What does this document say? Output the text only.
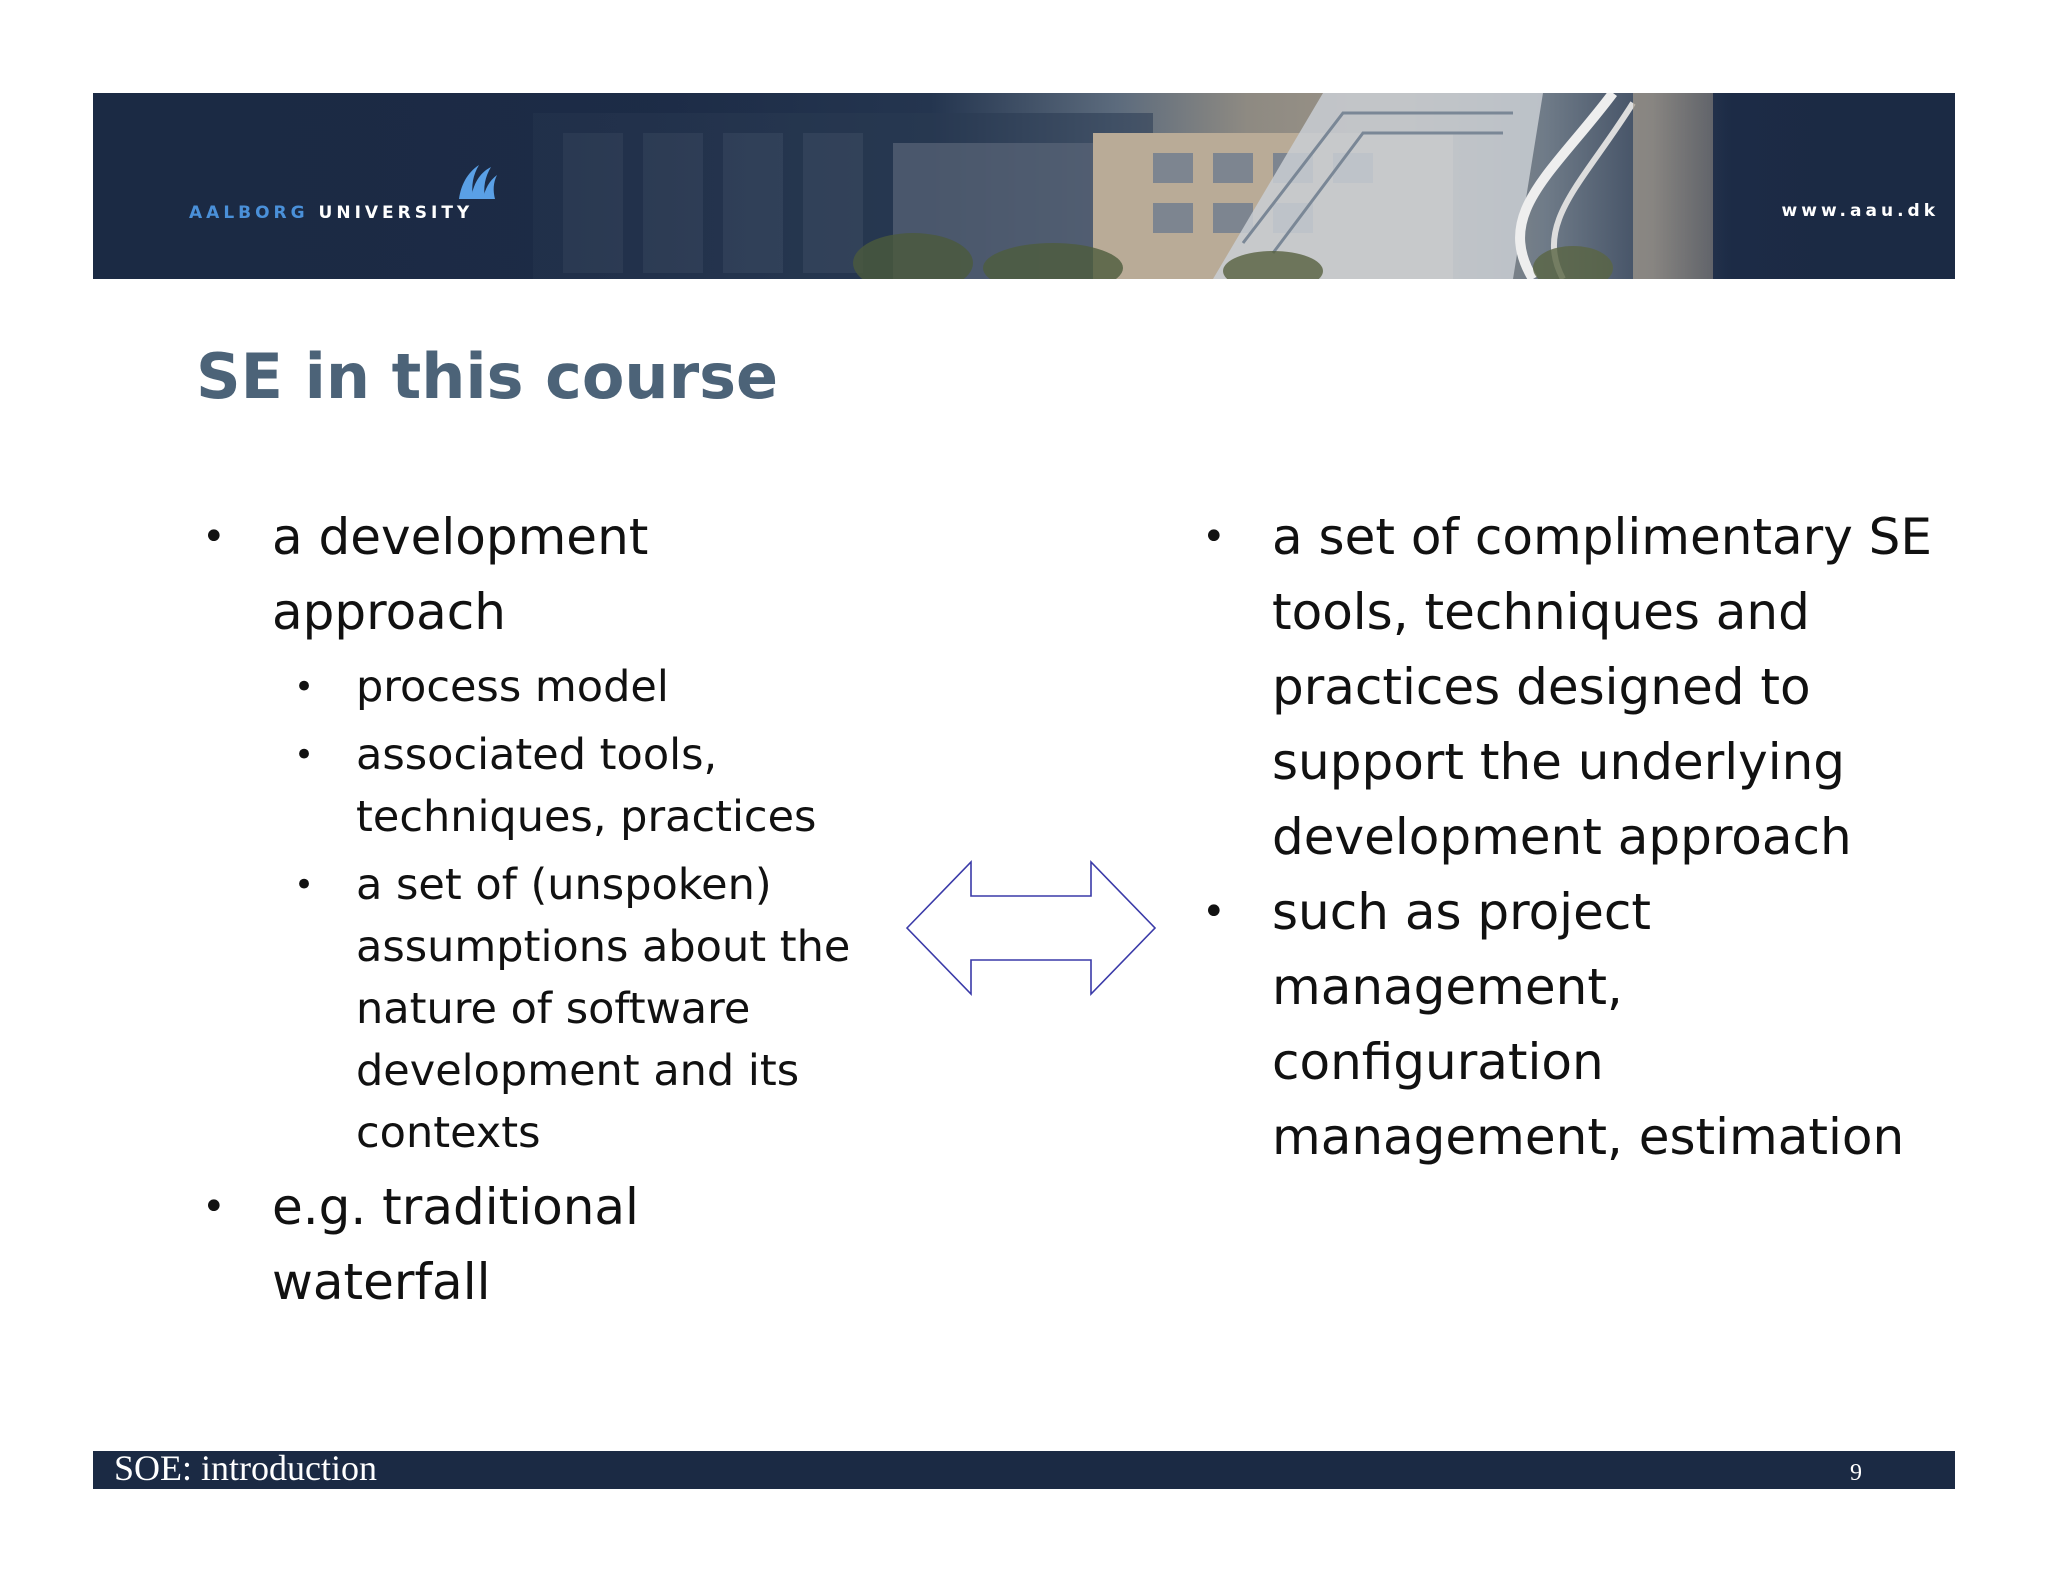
AALBORG UNIVERSITY	www.aau.dk
SE in this course
• a development approach
• process model
• associated tools, techniques, practices
• a set of (unspoken) assumptions about the nature of software development and its contexts
• e.g. traditional waterfall
• a set of complimentary SE tools, techniques and practices designed to support the underlying development approach
• such as project management, configuration management, estimation
SOE: introduction	9
